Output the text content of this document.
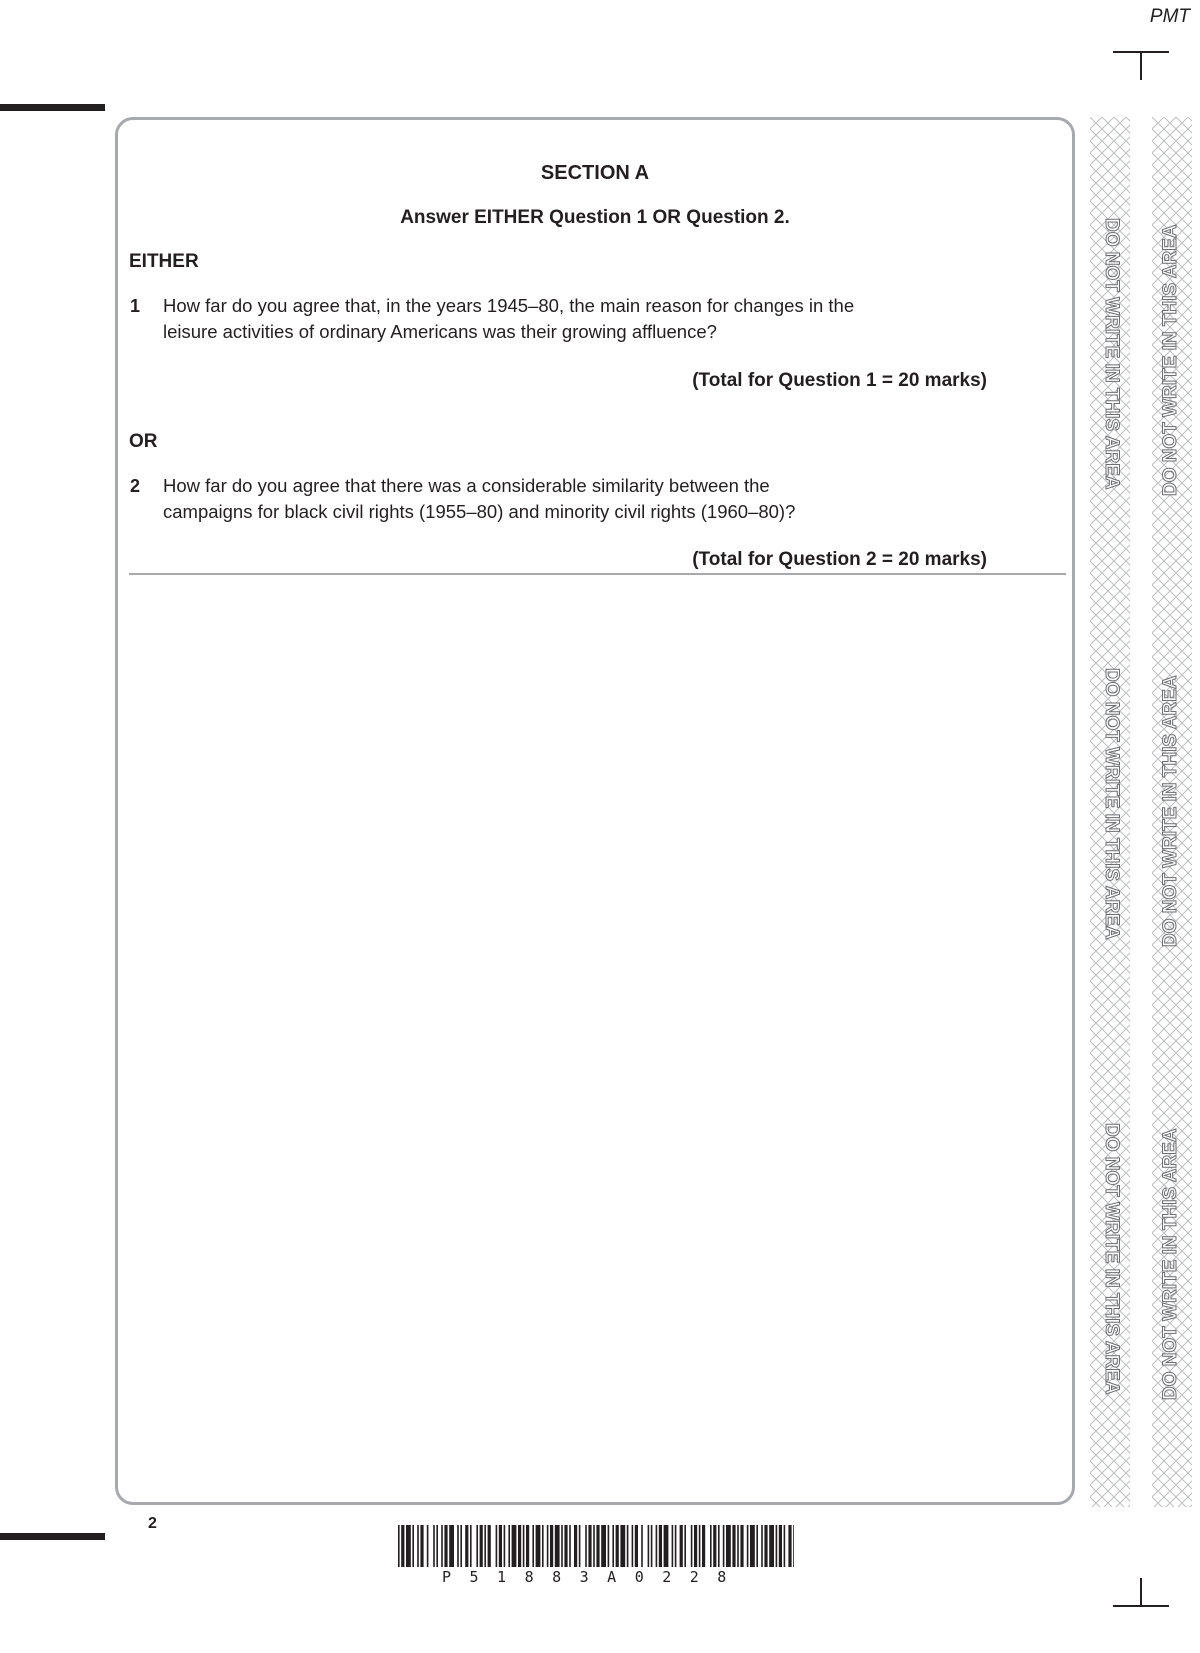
PMT
SECTION A
Answer EITHER Question 1 OR Question 2.
EITHER
1 How far do you agree that, in the years 1945–80, the main reason for changes in the
leisure activities of ordinary Americans was their growing affluence?
(Total for Question 1 = 20 marks)
OR
2 How far do you agree that there was a considerable similarity between the
campaigns for black civil rights (1955–80) and minority civil rights (1960–80)?
(Total for Question 2 = 20 marks)
2
P51883A0228
DO NOT WRITE IN THIS AREA
DO NOT WRITE IN THIS AREA
DO NOT WRITE IN THIS AREA
DO NOT WRITE IN THIS AREA
DO NOT WRITE IN THIS AREA
DO NOT WRITE IN THIS AREA
